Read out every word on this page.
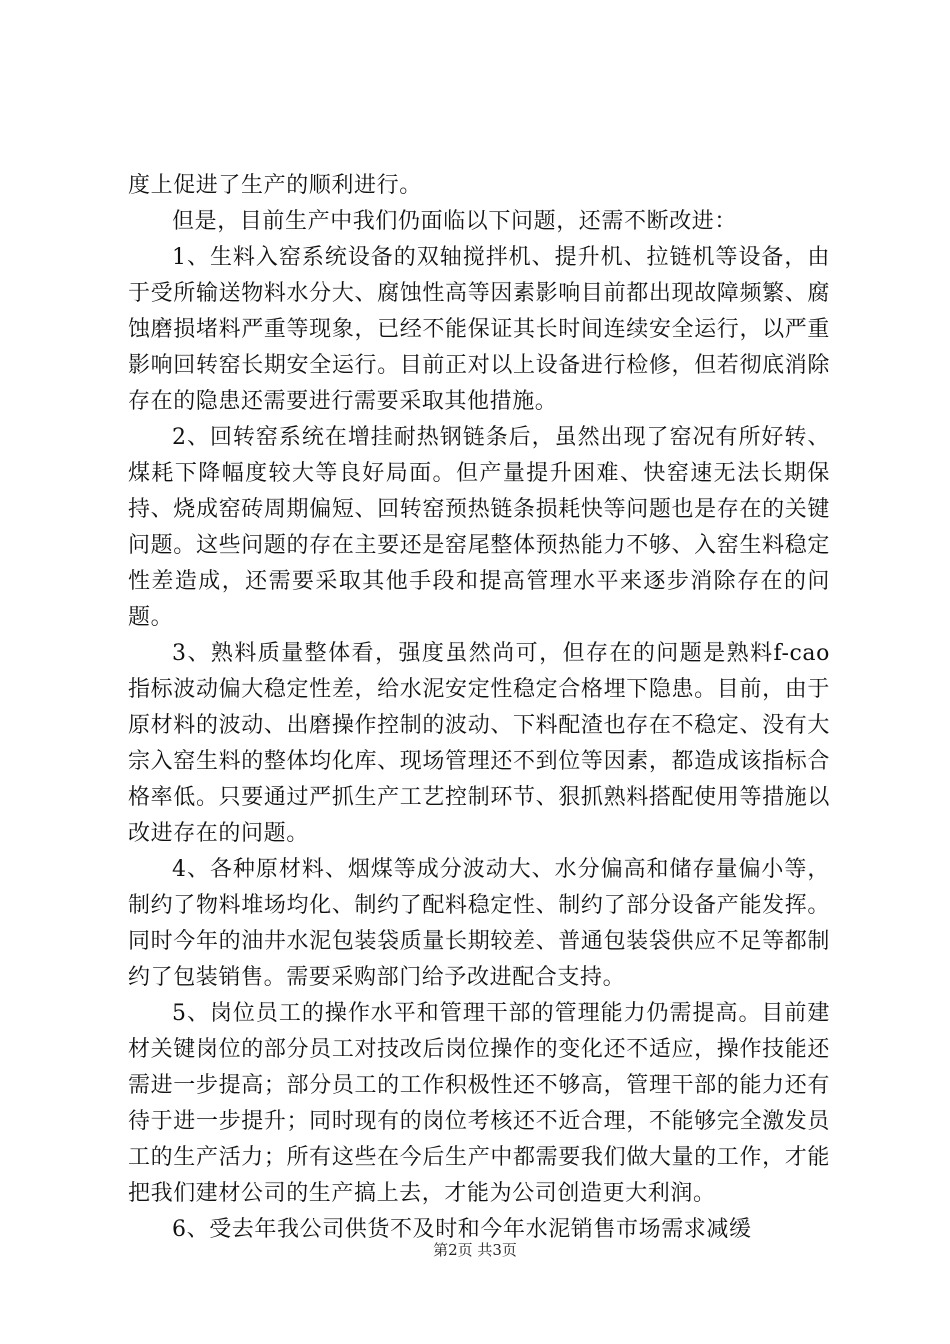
度上促进了生产的顺利进行。

但是，目前生产中我们仍面临以下问题，还需不断改进：

1、生料入窑系统设备的双轴搅拌机、提升机、拉链机等设备，由于受所输送物料水分大、腐蚀性高等因素影响目前都出现故障频繁、腐蚀磨损堵料严重等现象，已经不能保证其长时间连续安全运行，以严重影响回转窑长期安全运行。目前正对以上设备进行检修，但若彻底消除存在的隐患还需要进行需要采取其他措施。

2、回转窑系统在增挂耐热钢链条后，虽然出现了窑况有所好转、煤耗下降幅度较大等良好局面。但产量提升困难、快窑速无法长期保持、烧成窑砖周期偏短、回转窑预热链条损耗快等问题也是存在的关键问题。这些问题的存在主要还是窑尾整体预热能力不够、入窑生料稳定性差造成，还需要采取其他手段和提高管理水平来逐步消除存在的问题。

3、熟料质量整体看，强度虽然尚可，但存在的问题是熟料f-cao指标波动偏大稳定性差，给水泥安定性稳定合格埋下隐患。目前，由于原材料的波动、出磨操作控制的波动、下料配渣也存在不稳定、没有大宗入窑生料的整体均化库、现场管理还不到位等因素，都造成该指标合格率低。只要通过严抓生产工艺控制环节、狠抓熟料搭配使用等措施以改进存在的问题。

4、各种原材料、烟煤等成分波动大、水分偏高和储存量偏小等，制约了物料堆场均化、制约了配料稳定性、制约了部分设备产能发挥。同时今年的油井水泥包装袋质量长期较差、普通包装袋供应不足等都制约了包装销售。需要采购部门给予改进配合支持。

5、岗位员工的操作水平和管理干部的管理能力仍需提高。目前建材关键岗位的部分员工对技改后岗位操作的变化还不适应，操作技能还需进一步提高；部分员工的工作积极性还不够高，管理干部的能力还有待于进一步提升；同时现有的岗位考核还不近合理，不能够完全激发员工的生产活力；所有这些在今后生产中都需要我们做大量的工作，才能把我们建材公司的生产搞上去，才能为公司创造更大利润。

6、受去年我公司供货不及时和今年水泥销售市场需求减缓

第2页 共3页
